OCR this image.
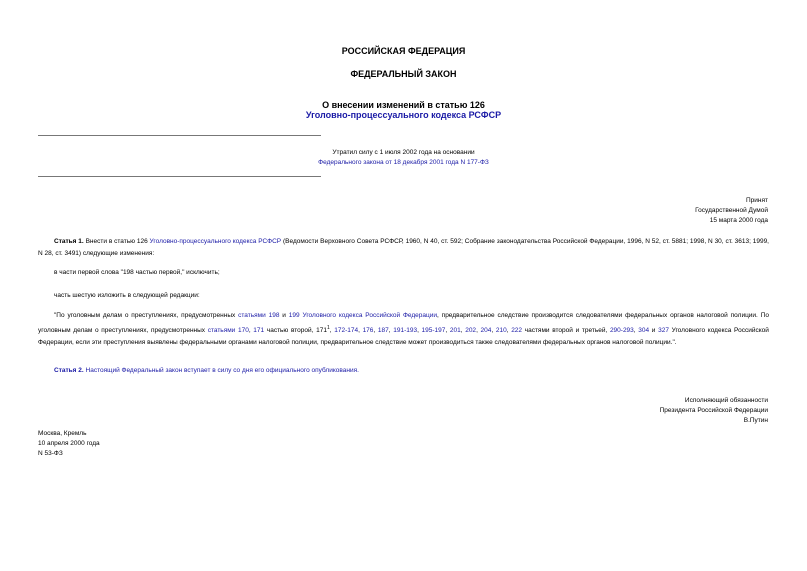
РОССИЙСКАЯ ФЕДЕРАЦИЯ
ФЕДЕРАЛЬНЫЙ ЗАКОН
О внесении изменений в статью 126
Уголовно-процессуального кодекса РСФСР
Утратил силу с 1 июля 2002 года на основании
Федерального закона от 18 декабря 2001 года N 177-ФЗ
Принят
Государственной Думой
15 марта 2000 года
Статья 1. Внести в статью 126 Уголовно-процессуального кодекса РСФСР (Ведомости Верховного Совета РСФСР, 1960, N 40, ст. 592; Собрание законодательства Российской Федерации, 1996, N 52, ст. 5881; 1998, N 30, ст. 3613; 1999, N 28, ст. 3491) следующие изменения:
в части первой слова "198 частью первой," исключить;
часть шестую изложить в следующей редакции:
"По уголовным делам о преступлениях, предусмотренных статьями 198 и 199 Уголовного кодекса Российской Федерации, предварительное следствие производится следователями федеральных органов налоговой полиции. По уголовным делам о преступлениях, предусмотренных статьями 170, 171 частью второй, $171^1$, 172-174, 176, 187, 191-193, 195-197, 201, 202, 204, 210, 222 частями второй и третьей, 290-293, 304 и 327 Уголовного кодекса Российской Федерации, если эти преступления выявлены федеральными органами налоговой полиции, предварительное следствие может производиться также следователями федеральных органов налоговой полиции.".
Статья 2. Настоящий Федеральный закон вступает в силу со дня его официального опубликования.
Исполняющий обязанности
Президента Российской Федерации
В.Путин
Москва, Кремль
10 апреля 2000 года
N 53-ФЗ
